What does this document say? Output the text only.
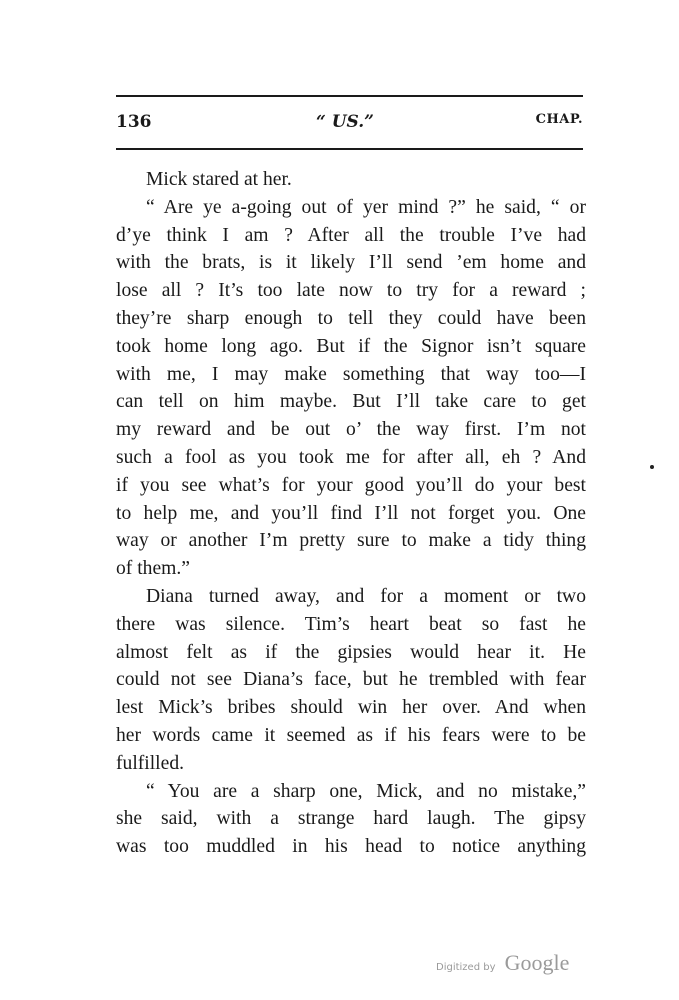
136	“ US.”	CHAP.
Mick stared at her.
“ Are ye a-going out of yer mind ?” he said, “ or
d’ye think I am ? After all the trouble I’ve had
with the brats, is it likely I’ll send ’em home and
lose all ? It’s too late now to try for a reward ;
they’re sharp enough to tell they could have been
took home long ago. But if the Signor isn’t square
with me, I may make something that way too—I
can tell on him maybe. But I’ll take care to get
my reward and be out o’ the way first. I’m not
such a fool as you took me for after all, eh ? And
if you see what’s for your good you’ll do your best
to help me, and you’ll find I’ll not forget you. One
way or another I’m pretty sure to make a tidy thing
of them.”
Diana turned away, and for a moment or two
there was silence. Tim’s heart beat so fast he
almost felt as if the gipsies would hear it. He
could not see Diana’s face, but he trembled with fear
lest Mick’s bribes should win her over. And when
her words came it seemed as if his fears were to be
fulfilled.
“ You are a sharp one, Mick, and no mistake,”
she said, with a strange hard laugh. The gipsy
was too muddled in his head to notice anything
Digitized by Google
